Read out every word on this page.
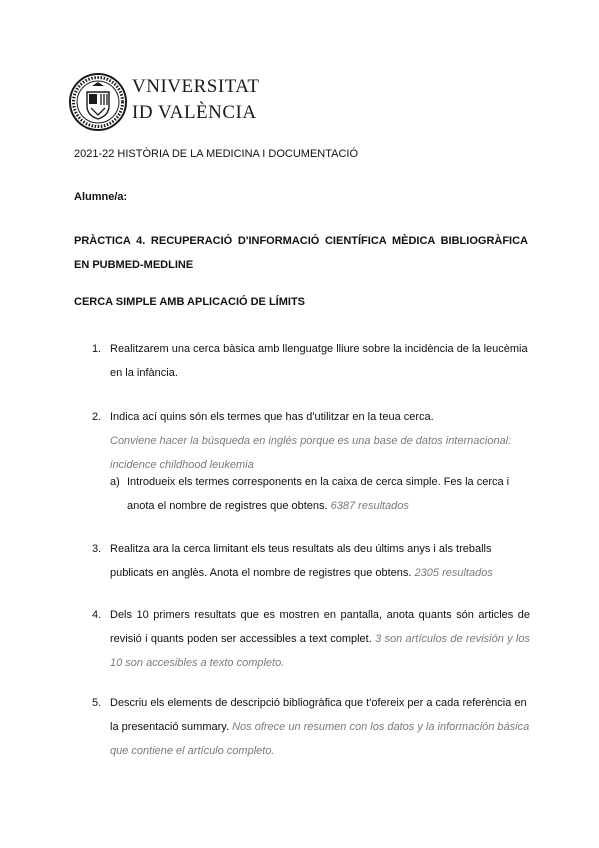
VNIVERSITAT
ID VALÈNCIA
2021-22 HISTÒRIA DE LA MEDICINA I DOCUMENTACIÓ
Alumne/a:
PRÀCTICA 4. RECUPERACIÓ D'INFORMACIÓ CIENTÍFICA MÈDICA BIBLIOGRÀFICA EN PUBMED-MEDLINE
CERCA SIMPLE AMB APLICACIÓ DE LÍMITS
1. Realitzarem una cerca bàsica amb llenguatge lliure sobre la incidència de la leucèmia en la infància.
2. Indica ací quins són els termes que has d'utilitzar en la teua cerca.
Conviene hacer la búsqueda en inglés porque es una base de datos internacional: incidence childhood leukemia
a) Introdueix els termes corresponents en la caixa de cerca simple. Fes la cerca i anota el nombre de registres que obtens. 6387 resultados
3. Realitza ara la cerca limitant els teus resultats als deu últims anys i als treballs publicats en anglès. Anota el nombre de registres que obtens. 2305 resultados
4. Dels 10 primers resultats que es mostren en pantalla, anota quants són articles de revisió i quants poden ser accessibles a text complet. 3 son artículos de revisión y los 10 son accesibles a texto completo.
5. Descriu els elements de descripció bibliogràfica que t'ofereix per a cada referència en la presentació summary. Nos ofrece un resumen con los datos y la información básica que contiene el artículo completo.
